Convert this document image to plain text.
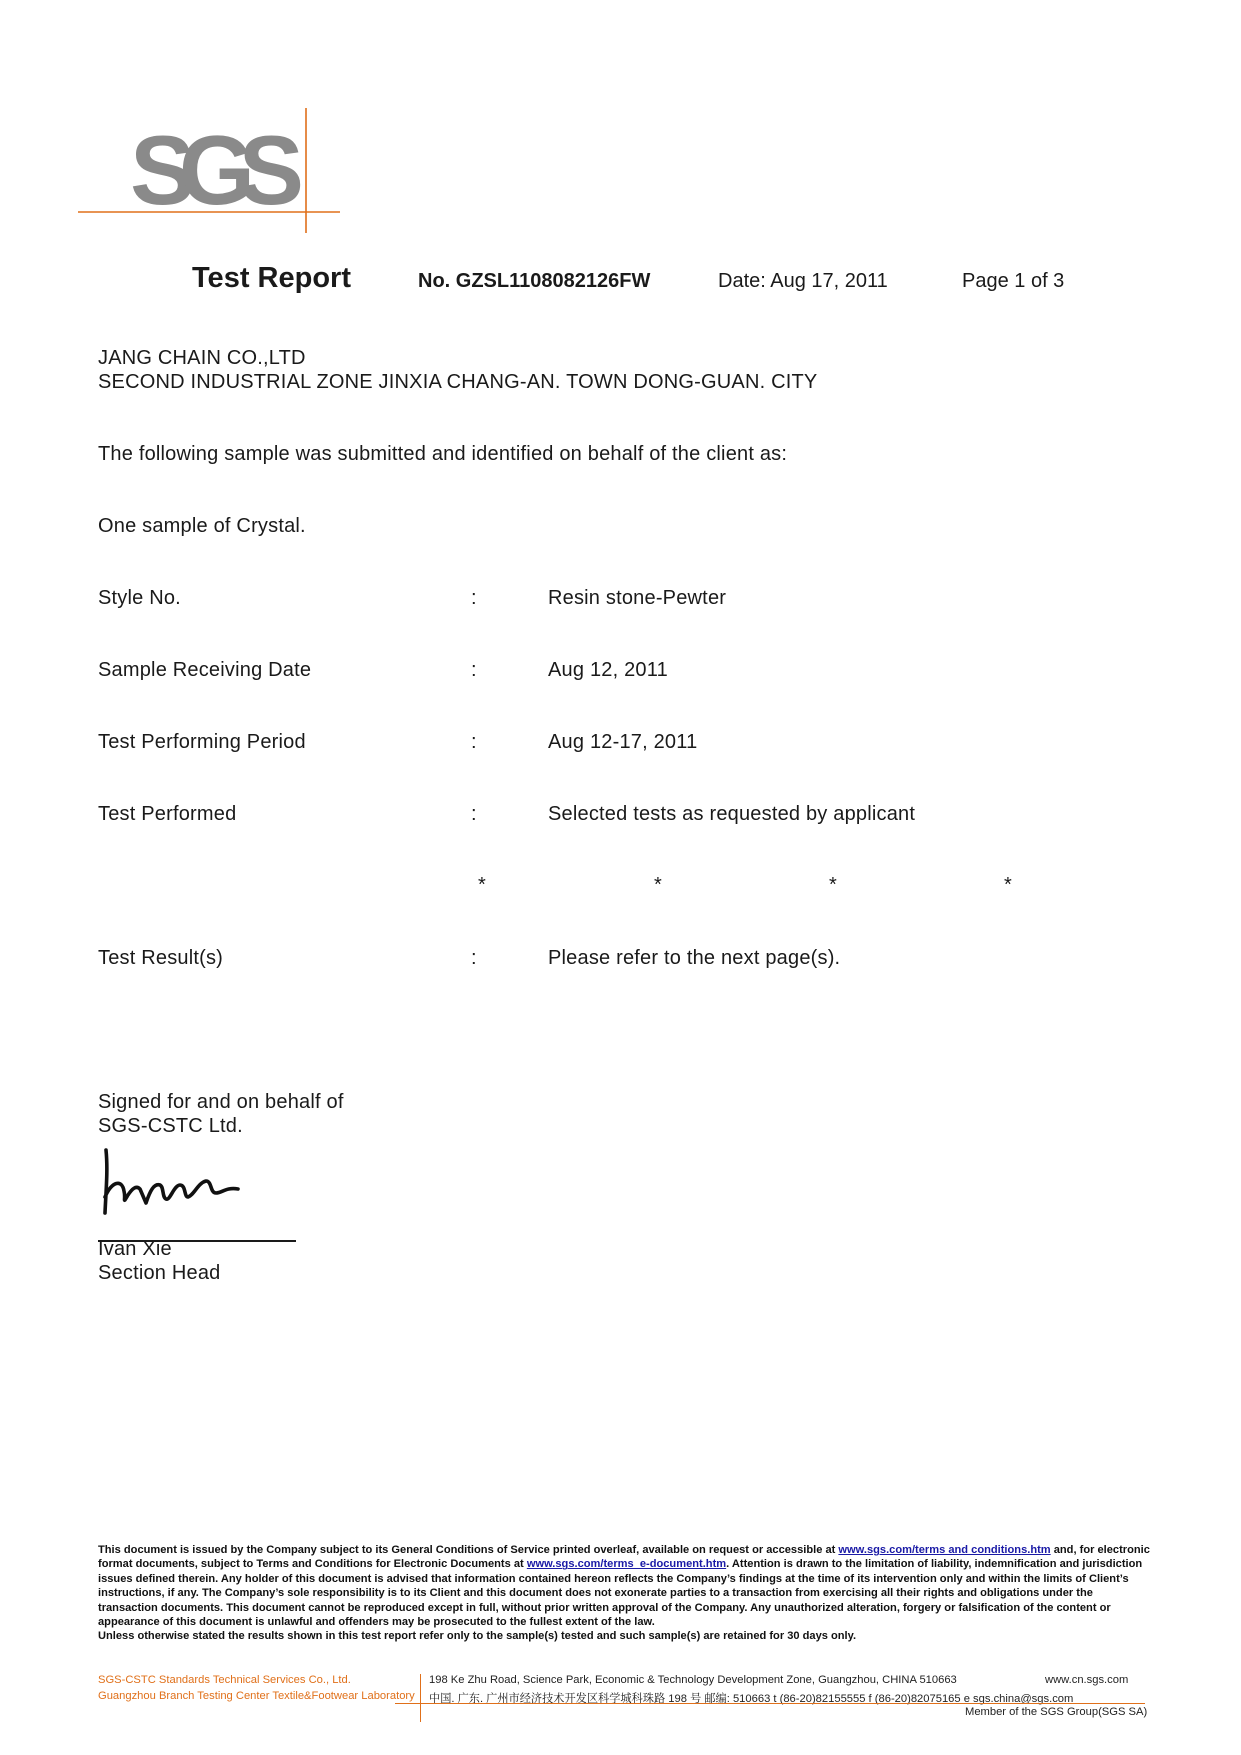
SGS
Test Report	No. GZSL1108082126FW	Date: Aug 17, 2011	Page 1 of 3
JANG CHAIN CO.,LTD
SECOND INDUSTRIAL ZONE JINXIA CHANG-AN. TOWN DONG-GUAN. CITY
The following sample was submitted and identified on behalf of the client as:
One sample of Crystal.
Style No.	:	Resin stone-Pewter
Sample Receiving Date	:	Aug 12, 2011
Test Performing Period	:	Aug 12-17, 2011
Test Performed	:	Selected tests as requested by applicant
*	*	*	*
Test Result(s)	:	Please refer to the next page(s).
Signed for and on behalf of
SGS-CSTC Ltd.
Ivan Xie
Section Head

This document is issued by the Company subject to its General Conditions of Service printed overleaf, available on request or accessible at www.sgs.com/terms and conditions.htm and, for electronic format documents, subject to Terms and Conditions for Electronic Documents at www.sgs.com/terms_e-document.htm. Attention is drawn to the limitation of liability, indemnification and jurisdiction issues defined therein. Any holder of this document is advised that information contained hereon reflects the Company’s findings at the time of its intervention only and within the limits of Client’s instructions, if any. The Company’s sole responsibility is to its Client and this document does not exonerate parties to a transaction from exercising all their rights and obligations under the transaction documents. This document cannot be reproduced except in full, without prior written approval of the Company. Any unauthorized alteration, forgery or falsification of the content or appearance of this document is unlawful and offenders may be prosecuted to the fullest extent of the law.

Unless otherwise stated the results shown in this test report refer only to the sample(s) tested and such sample(s) are retained for 30 days only.

SGS-CSTC Standards Technical Services Co., Ltd.
Guangzhou Branch Testing Center Textile&Footwear Laboratory
198 Ke Zhu Road, Science Park, Economic & Technology Development Zone, Guangzhou, CHINA 510663	www.cn.sgs.com
中国. 广东. 广州市经济技术开发区科学城科珠路 198 号 邮编: 510663 t (86-20)82155555 f (86-20)82075165 e sgs.china@sgs.com
Member of the SGS Group(SGS SA)
